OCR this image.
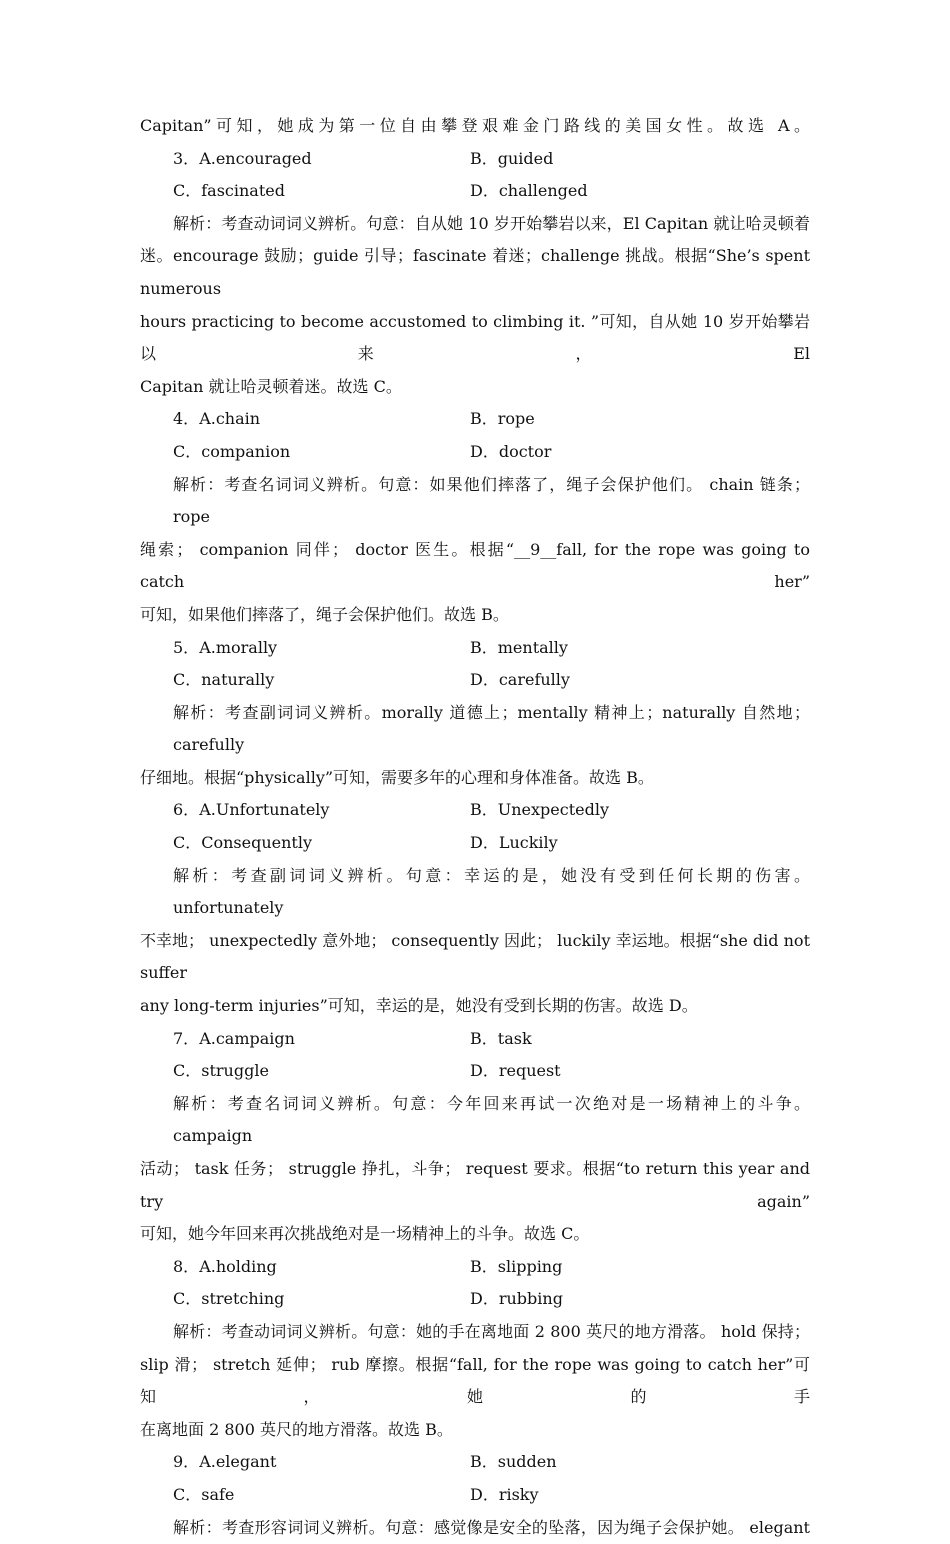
Capitan”可知，她成为第一位自由攀登艰难金门路线的美国女性。故选 A。
3．A.encouraged	B．guided
C．fascinated	D．challenged
解析：考查动词词义辨析。句意：自从她 10 岁开始攀岩以来，El Capitan 就让哈灵顿着
迷。encourage 鼓励；guide 引导；fascinate 着迷；challenge 挑战。根据“She’s spent numerous
hours practicing to become accustomed to climbing it. ”可知，自从她 10 岁开始攀岩以来，El
Capitan 就让哈灵顿着迷。故选 C。
4．A.chain	B．rope
C．companion	D．doctor
解析：考查名词词义辨析。句意：如果他们摔落了，绳子会保护他们。 chain 链条； rope
绳索； companion 同伴； doctor 医生。根据“__9__fall, for the rope was going to catch her”
可知，如果他们摔落了，绳子会保护他们。故选 B。
5．A.morally	B．mentally
C．naturally	D．carefully
解析：考查副词词义辨析。morally 道德上；mentally 精神上；naturally 自然地；carefully
仔细地。根据“physically”可知，需要多年的心理和身体准备。故选 B。
6．A.Unfortunately	B．Unexpectedly
C．Consequently	D．Luckily
解析：考查副词词义辨析。句意：幸运的是，她没有受到任何长期的伤害。 unfortunately
不幸地； unexpectedly 意外地； consequently 因此； luckily 幸运地。根据“she did not suffer
any long-term injuries”可知，幸运的是，她没有受到长期的伤害。故选 D。
7．A.campaign	B．task
C．struggle	D．request
解析：考查名词词义辨析。句意：今年回来再试一次绝对是一场精神上的斗争。 campaign
活动； task 任务； struggle 挣扎，斗争； request 要求。根据“to return this year and try again”
可知，她今年回来再次挑战绝对是一场精神上的斗争。故选 C。
8．A.holding	B．slipping
C．stretching	D．rubbing
解析：考查动词词义辨析。句意：她的手在离地面 2 800 英尺的地方滑落。 hold 保持；
slip 滑； stretch 延伸； rub 摩擦。根据“fall, for the rope was going to catch her”可知，她的手
在离地面 2 800 英尺的地方滑落。故选 B。
9．A.elegant	B．sudden
C．safe	D．risky
解析：考查形容词词义辨析。句意：感觉像是安全的坠落，因为绳子会保护她。 elegant
